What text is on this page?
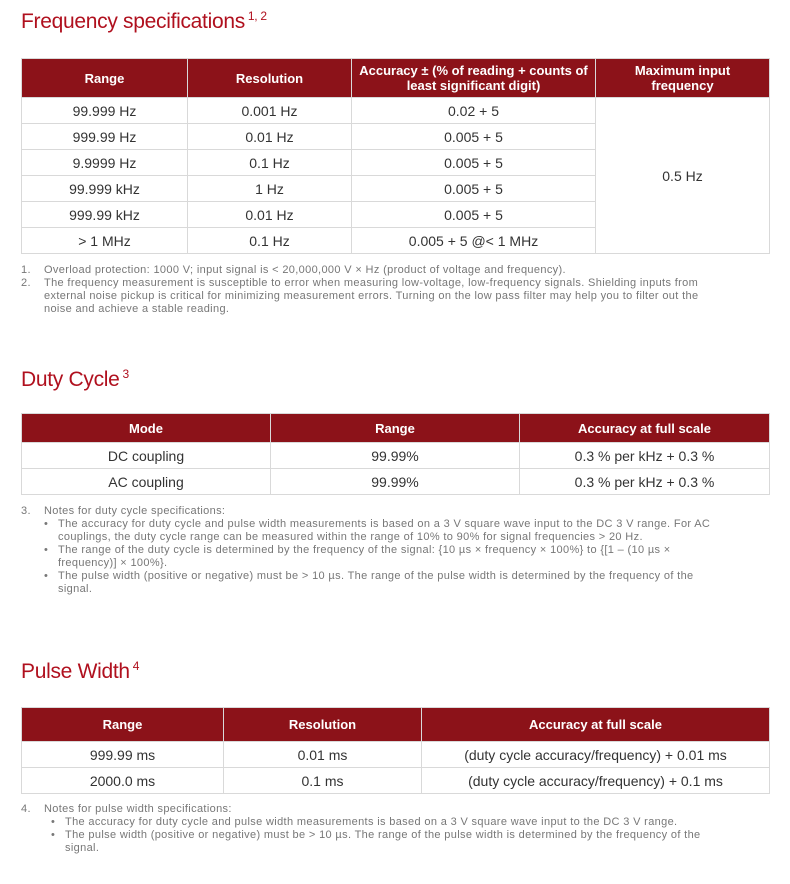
Frequency specifications $^{1, 2}$
Range	Resolution	Accuracy ± (% of reading + counts of least significant digit)	Maximum input frequency
99.999 Hz	0.001 Hz	0.02 + 5	0.5 Hz
999.99 Hz	0.01 Hz	0.005 + 5	
9.9999 Hz	0.1 Hz	0.005 + 5	
99.999 kHz	1 Hz	0.005 + 5	
999.99 kHz	0.01 Hz	0.005 + 5	
> 1 MHz	0.1 Hz	0.005 + 5 @< 1 MHz	
1.	Overload protection: 1000 V; input signal is < 20,000,000 V × Hz (product of voltage and frequency).
2.	The frequency measurement is susceptible to error when measuring low-voltage, low-frequency signals. Shielding inputs from external noise pickup is critical for minimizing measurement errors. Turning on the low pass filter may help you to filter out the noise and achieve a stable reading.
Duty Cycle $^3$
Mode	Range	Accuracy at full scale
DC coupling	99.99%	0.3 % per kHz + 0.3 %
AC coupling	99.99%	0.3 % per kHz + 0.3 %
3.	Notes for duty cycle specifications:
• The accuracy for duty cycle and pulse width measurements is based on a 3 V square wave input to the DC 3 V range. For AC couplings, the duty cycle range can be measured within the range of 10% to 90% for signal frequencies > 20 Hz.
• The range of the duty cycle is determined by the frequency of the signal: {10 µs × frequency × 100%} to {[1 – (10 µs × frequency)] × 100%}.
• The pulse width (positive or negative) must be > 10 µs. The range of the pulse width is determined by the frequency of the signal.
Pulse Width $^4$
Range	Resolution	Accuracy at full scale
999.99 ms	0.01 ms	(duty cycle accuracy/frequency) + 0.01 ms
2000.0 ms	0.1 ms	(duty cycle accuracy/frequency) + 0.1 ms
4.	Notes for pulse width specifications:
• The accuracy for duty cycle and pulse width measurements is based on a 3 V square wave input to the DC 3 V range.
• The pulse width (positive or negative) must be > 10 µs. The range of the pulse width is determined by the frequency of the signal.
